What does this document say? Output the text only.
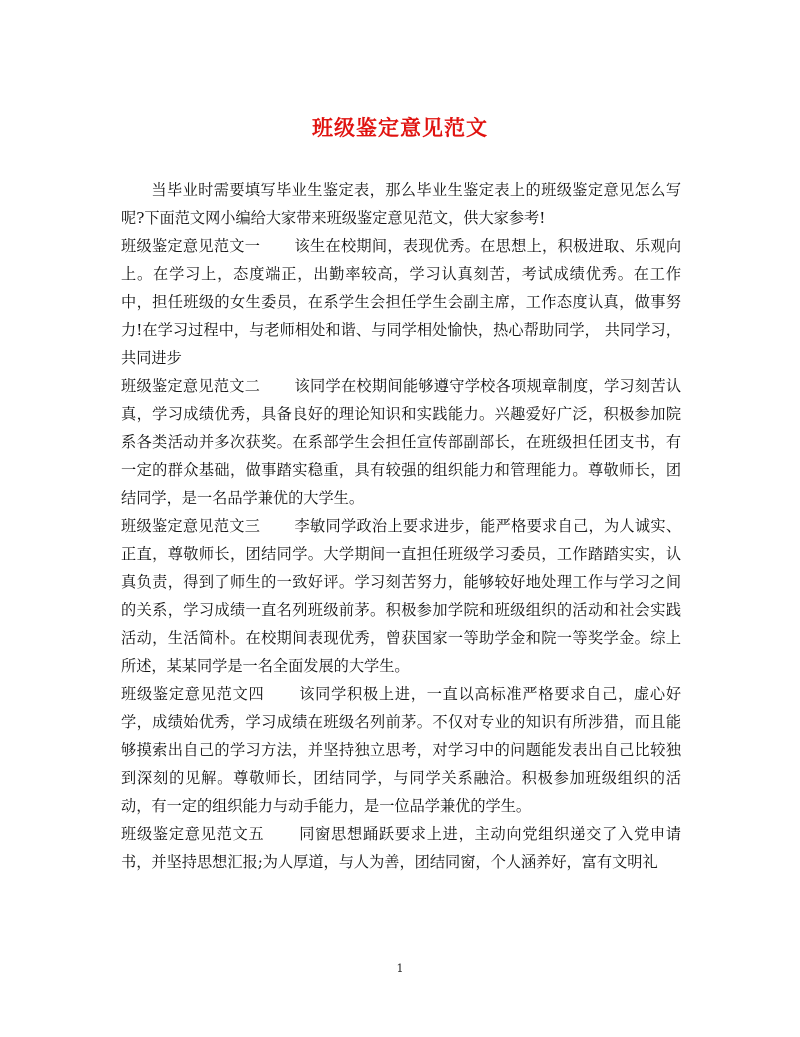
班级鉴定意见范文

当毕业时需要填写毕业生鉴定表，那么毕业生鉴定表上的班级鉴定意见怎么写呢?下面范文网小编给大家带来班级鉴定意见范文，供大家参考!

班级鉴定意见范文一 该生在校期间，表现优秀。在思想上，积极进取、乐观向上。在学习上，态度端正，出勤率较高，学习认真刻苦，考试成绩优秀。在工作中，担任班级的女生委员，在系学生会担任学生会副主席，工作态度认真，做事努力!在学习过程中，与老师相处和谐、与同学相处愉快，热心帮助同学， 共同学习，共同进步

班级鉴定意见范文二 该同学在校期间能够遵守学校各项规章制度，学习刻苦认真，学习成绩优秀，具备良好的理论知识和实践能力。兴趣爱好广泛，积极参加院系各类活动并多次获奖。在系部学生会担任宣传部副部长，在班级担任团支书，有一定的群众基础，做事踏实稳重，具有较强的组织能力和管理能力。尊敬师长，团结同学，是一名品学兼优的大学生。

班级鉴定意见范文三 李敏同学政治上要求进步，能严格要求自己，为人诚实、正直，尊敬师长，团结同学。大学期间一直担任班级学习委员，工作踏踏实实，认真负责，得到了师生的一致好评。学习刻苦努力，能够较好地处理工作与学习之间的关系，学习成绩一直名列班级前茅。积极参加学院和班级组织的活动和社会实践活动，生活简朴。在校期间表现优秀，曾获国家一等助学金和院一等奖学金。综上所述，某某同学是一名全面发展的大学生。

班级鉴定意见范文四 该同学积极上进，一直以高标准严格要求自己，虚心好学，成绩始优秀，学习成绩在班级名列前茅。不仅对专业的知识有所涉猎，而且能够摸索出自己的学习方法，并坚持独立思考，对学习中的问题能发表出自己比较独到深刻的见解。尊敬师长，团结同学，与同学关系融洽。积极参加班级组织的活动，有一定的组织能力与动手能力，是一位品学兼优的学生。

班级鉴定意见范文五 同窗思想踊跃要求上进，主动向党组织递交了入党申请书，并坚持思想汇报;为人厚道，与人为善，团结同窗，个人涵养好，富有文明礼

1
